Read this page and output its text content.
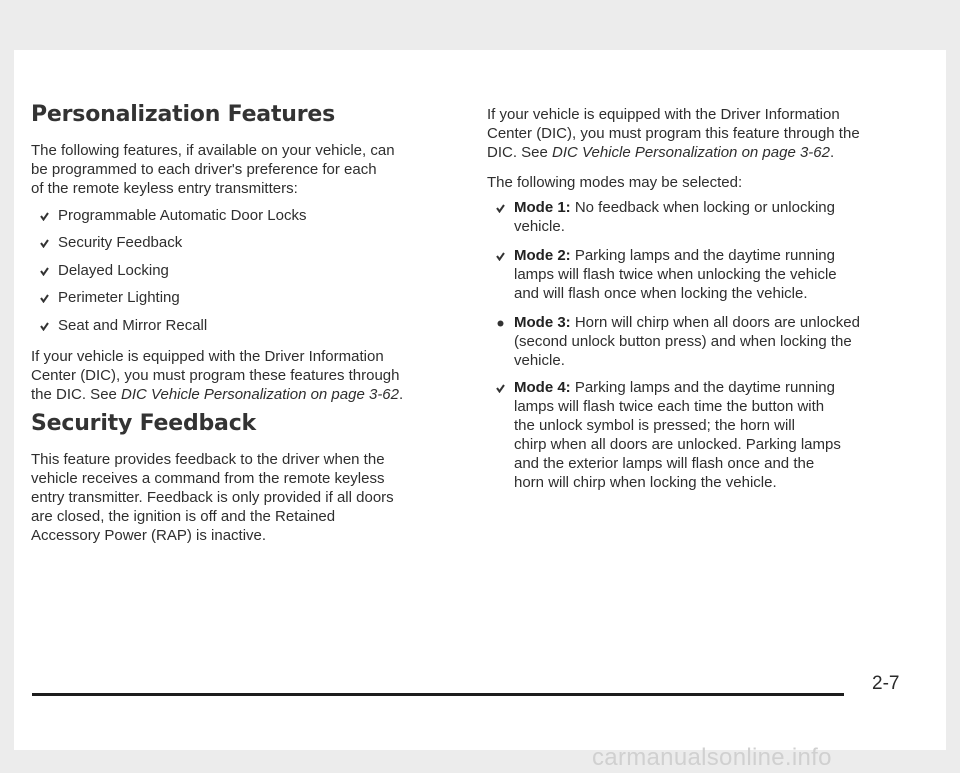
Personalization Features

The following features, if available on your vehicle, can
be programmed to each driver's preference for each
of the remote keyless entry transmitters:

Programmable Automatic Door Locks
Security Feedback
Delayed Locking
Perimeter Lighting
Seat and Mirror Recall

If your vehicle is equipped with the Driver Information
Center (DIC), you must program these features through
the DIC. See DIC Vehicle Personalization on page 3-62.

Security Feedback

This feature provides feedback to the driver when the
vehicle receives a command from the remote keyless
entry transmitter. Feedback is only provided if all doors
are closed, the ignition is off and the Retained
Accessory Power (RAP) is inactive.

If your vehicle is equipped with the Driver Information
Center (DIC), you must program this feature through the
DIC. See DIC Vehicle Personalization on page 3-62.

The following modes may be selected:

Mode 1: No feedback when locking or unlocking
vehicle.
Mode 2: Parking lamps and the daytime running
lamps will flash twice when unlocking the vehicle
and will flash once when locking the vehicle.
Mode 3: Horn will chirp when all doors are unlocked
(second unlock button press) and when locking the
vehicle.
Mode 4: Parking lamps and the daytime running
lamps will flash twice each time the button with
the unlock symbol is pressed; the horn will
chirp when all doors are unlocked. Parking lamps
and the exterior lamps will flash once and the
horn will chirp when locking the vehicle.
2-7
carmanualsonline.info
